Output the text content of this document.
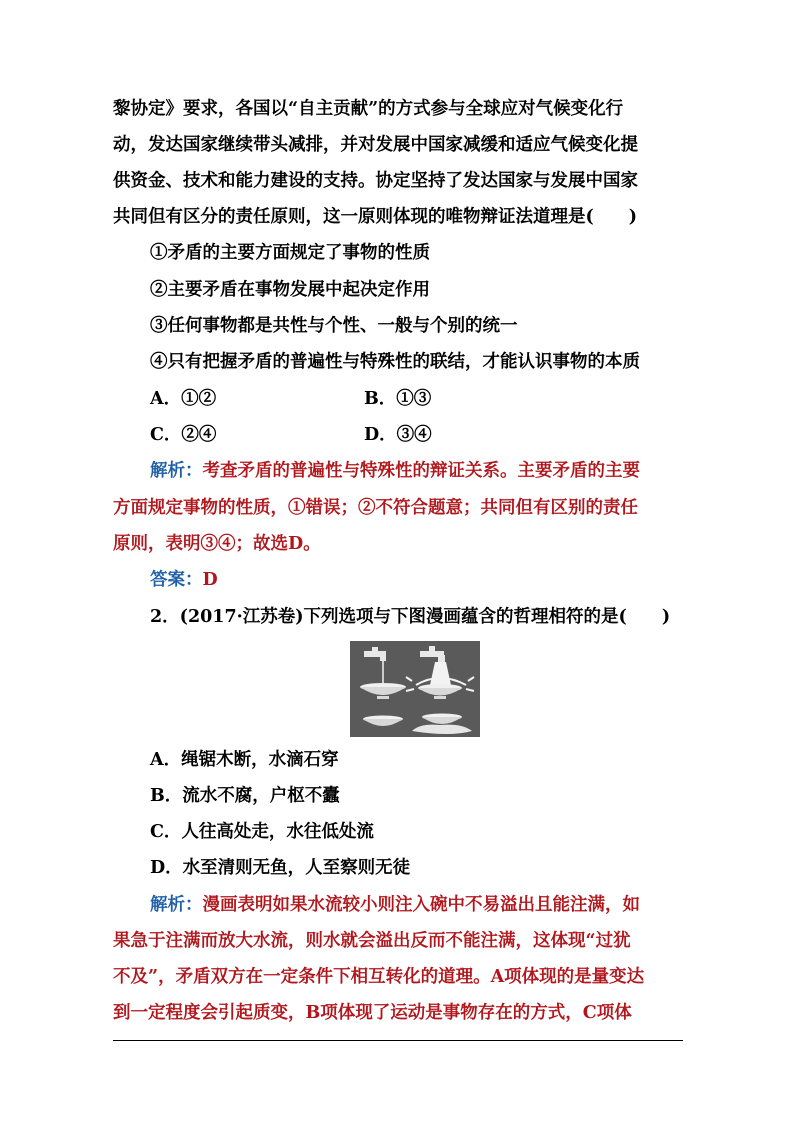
黎协定》要求，各国以“自主贡献”的方式参与全球应对气候变化行
动，发达国家继续带头减排，并对发展中国家减缓和适应气候变化提
供资金、技术和能力建设的支持。协定坚持了发达国家与发展中国家
共同但有区分的责任原则，这一原则体现的唯物辩证法道理是(　　)
①矛盾的主要方面规定了事物的性质
②主要矛盾在事物发展中起决定作用
③任何事物都是共性与个性、一般与个别的统一
④只有把握矛盾的普遍性与特殊性的联结，才能认识事物的本质
A．①②	B．①③
C．②④	D．③④
解析：考查矛盾的普遍性与特殊性的辩证关系。主要矛盾的主要
方面规定事物的性质，①错误；②不符合题意；共同但有区别的责任
原则，表明③④；故选D。
答案：D
2．(2017·江苏卷)下列选项与下图漫画蕴含的哲理相符的是(　　)
A．绳锯木断，水滴石穿
B．流水不腐，户枢不蠹
C．人往高处走，水往低处流
D．水至清则无鱼，人至察则无徒
解析：漫画表明如果水流较小则注入碗中不易溢出且能注满，如
果急于注满而放大水流，则水就会溢出反而不能注满，这体现“过犹
不及”，矛盾双方在一定条件下相互转化的道理。A项体现的是量变达
到一定程度会引起质变，B项体现了运动是事物存在的方式，C项体
